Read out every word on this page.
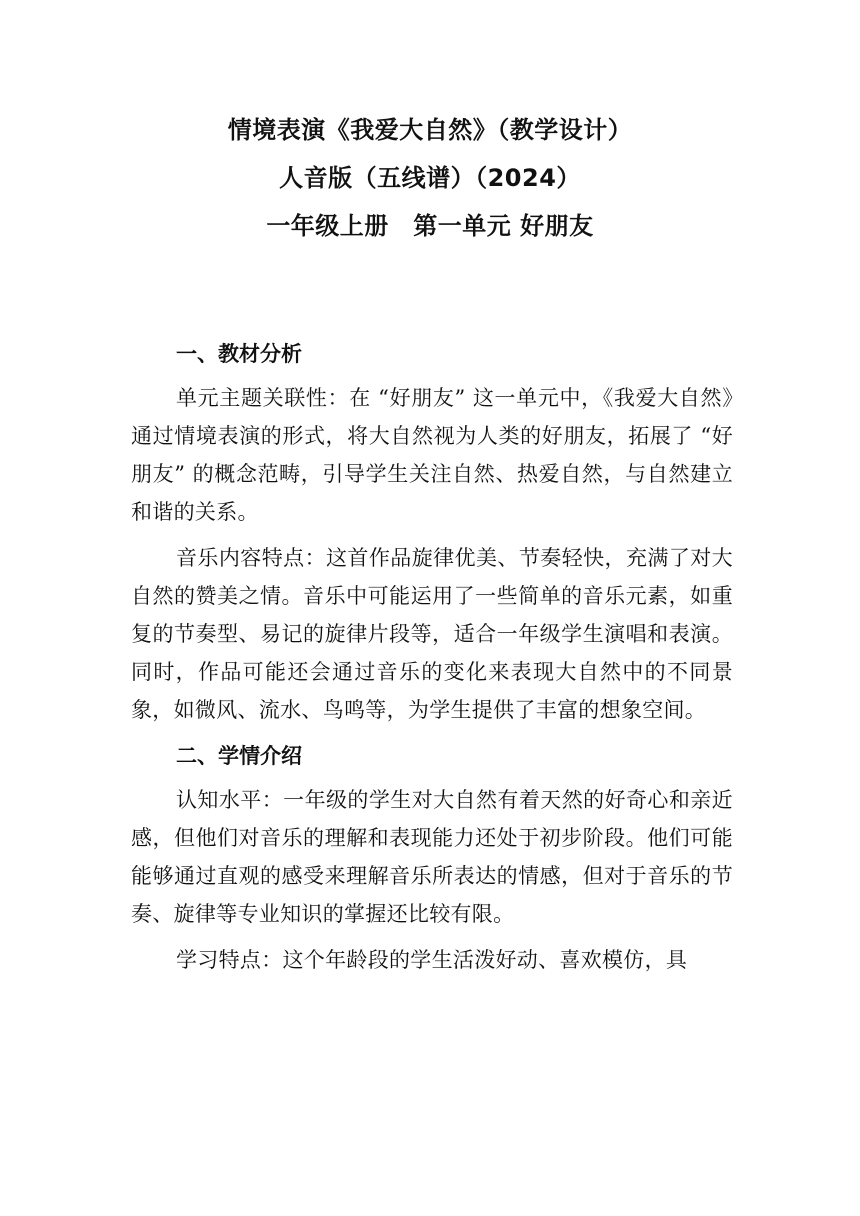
情境表演《我爱大自然》（教学设计）
人音版（五线谱）（2024）
一年级上册　第一单元 好朋友
一、教材分析

单元主题关联性：在 “好朋友” 这一单元中，《我爱大自然》通过情境表演的形式，将大自然视为人类的好朋友，拓展了 “好朋友” 的概念范畴，引导学生关注自然、热爱自然，与自然建立和谐的关系。

音乐内容特点：这首作品旋律优美、节奏轻快，充满了对大自然的赞美之情。音乐中可能运用了一些简单的音乐元素，如重复的节奏型、易记的旋律片段等，适合一年级学生演唱和表演。同时，作品可能还会通过音乐的变化来表现大自然中的不同景象，如微风、流水、鸟鸣等，为学生提供了丰富的想象空间。

二、学情介绍

认知水平：一年级的学生对大自然有着天然的好奇心和亲近感，但他们对音乐的理解和表现能力还处于初步阶段。他们可能能够通过直观的感受来理解音乐所表达的情感，但对于音乐的节奏、旋律等专业知识的掌握还比较有限。

学习特点：这个年龄段的学生活泼好动、喜欢模仿，具
